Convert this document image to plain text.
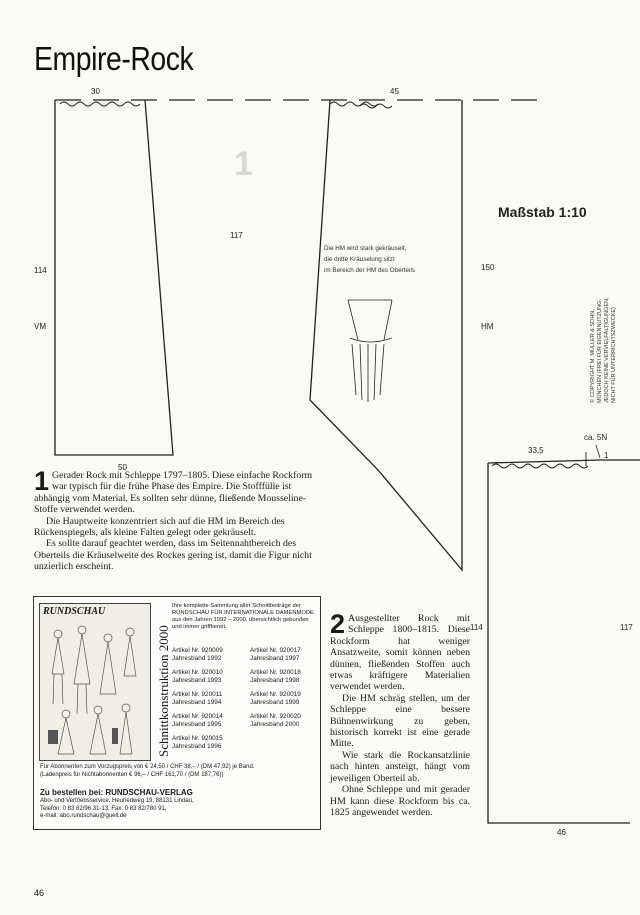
Empire-Rock
1
Maßstab 1:10
30	45
114
VM
117
150
HM
50
33,5
ca. 5N
1
114	117
46
Die HM wird stark gekräuselt,
die dritte Kräuselung sitzt
im Bereich der HM des Oberteils
© COPYRIGHT M. MÜLLER & SOHN, MÜNCHEN (FREI FÜR EIGENNUTZUNG, JEDOCH KEINE VERVIELFÄLTIGUNGEN, NICHT FÜR UNTERRICHTSZWECKE)

1 Gerader Rock mit Schleppe 1797–1805. Diese einfache Rockform war typisch für die frühe Phase des Empire. Die Stofffülle ist abhängig vom Material. Es sollten sehr dünne, fließende Mousseline-Stoffe verwendet werden.

Die Hauptweite konzentriert sich auf die HM im Bereich des Rückenspiegels, als kleine Falten gelegt oder gekräuselt.

Es sollte darauf geachtet werden, dass im Seitennahtbereich des Oberteils die Kräuselweite des Rockes gering ist, damit die Figur nicht unzierlich erscheint.

2 Ausgestellter Rock mit Schleppe 1800–1815. Diese Rockform hat weniger Ansatzweite, somit können neben dünnen, fließenden Stoffen auch etwas kräftigere Materialien verwendet werden.

Die HM schräg stellen, um der Schleppe eine bessere Bühnenwirkung zu geben, historisch korrekt ist eine gerade Mitte.

Wie stark die Rockansatzlinie nach hinten ansteigt, hängt vom jeweiligen Oberteil ab.

Ohne Schleppe und mit gerader HM kann diese Rockform bis ca. 1825 angewendet werden.

RUNDSCHAU
Schnittkonstruktion 2000
Ihre komplette Sammlung aller Schnittbeiträge der RUNDSCHAU FÜR INTERNATIONALE DAMENMODE aus den Jahren 1992 – 2000, übersichtlich gebunden und immer griffbereit.
Artikel Nr. 920009
Jahresband 1992
Artikel Nr. 920017
Jahresband 1997
Artikel Nr. 920010
Jahresband 1993
Artikel Nr. 920018
Jahresband 1998
Artikel Nr. 920011
Jahresband 1994
Artikel Nr. 920019
Jahresband 1999
Artikel Nr. 920014
Jahresband 1995
Artikel Nr. 920020
Jahresband 2000
Artikel Nr. 920015
Jahresband 1996
Für Abonnenten zum Vorzugspreis von € 24,50 / CHF 38,– / (DM 47,92) je Band.
(Ladenpreis für Nichtabonnenten € 96,– / CHF 161,70 / (DM 187,76))
Zu bestellen bei: RUNDSCHAU-VERLAG
Abo- und Vertriebsservice, Heuriedweg 19, 88131 Lindau,
Telefon: 0 83 82/96 31-13, Fax: 0 83 82/780 91,
e-mail: abo.rundschau@guell.de
46
